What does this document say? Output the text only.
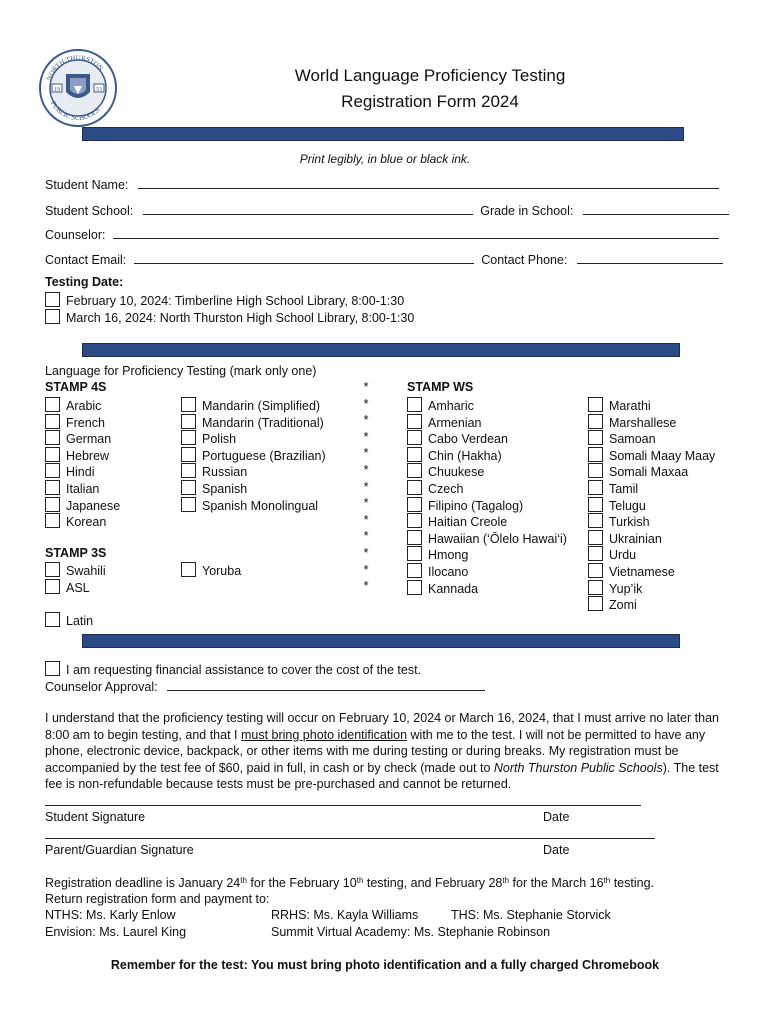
NORTH THURSTON
PUBLIC SCHOOLS
19	53
World Language Proficiency Testing
Registration Form 2024
Print legibly, in blue or black ink.
Student Name:
Student School:	Grade in School:
Counselor:
Contact Email:	Contact Phone:
Testing Date:
February 10, 2024: Timberline High School Library, 8:00-1:30
March 16, 2024: North Thurston High School Library, 8:00-1:30
Language for Proficiency Testing (mark only one)
STAMP 4S	STAMP WS
STAMP 3S
Arabic
French
German
Hebrew
Hindi
Italian
Japanese
Korean
Mandarin (Simplified)
Mandarin (Traditional)
Polish
Portuguese (Brazilian)
Russian
Spanish
Spanish Monolingual
Swahili
ASL
Yoruba
Amharic
Armenian
Cabo Verdean
Chin (Hakha)
Chuukese
Czech
Filipino (Tagalog)
Haitian Creole
Hawaiian (‘Ōlelo Hawai‘i)
Hmong
Ilocano
Kannada
Marathi
Marshallese
Samoan
Somali Maay Maay
Somali Maxaa
Tamil
Telugu
Turkish
Ukrainian
Urdu
Vietnamese
Yup’ik
Zomi
*
*
*
*
*
*
*
*
*
*
*
*
*
Latin
I am requesting financial assistance to cover the cost of the test.
Counselor Approval:
I understand that the proficiency testing will occur on February 10, 2024 or March 16, 2024, that I must arrive no later than 8:00 am to begin testing, and that I must bring photo identification with me to the test. I will not be permitted to have any phone, electronic device, backpack, or other items with me during testing or during breaks. My registration must be accompanied by the test fee of $60, paid in full, in cash or by check (made out to North Thurston Public Schools). The test fee is non-refundable because tests must be pre-purchased and cannot be returned.
Student Signature	Date
Parent/Guardian Signature	Date
Registration deadline is January 24th for the February 10th testing, and February 28th for the March 16th testing.
Return registration form and payment to:
NTHS: Ms. Karly Enlow	RRHS: Ms. Kayla Williams	THS: Ms. Stephanie Storvick
Envision: Ms. Laurel King	Summit Virtual Academy: Ms. Stephanie Robinson
Remember for the test: You must bring photo identification and a fully charged Chromebook
